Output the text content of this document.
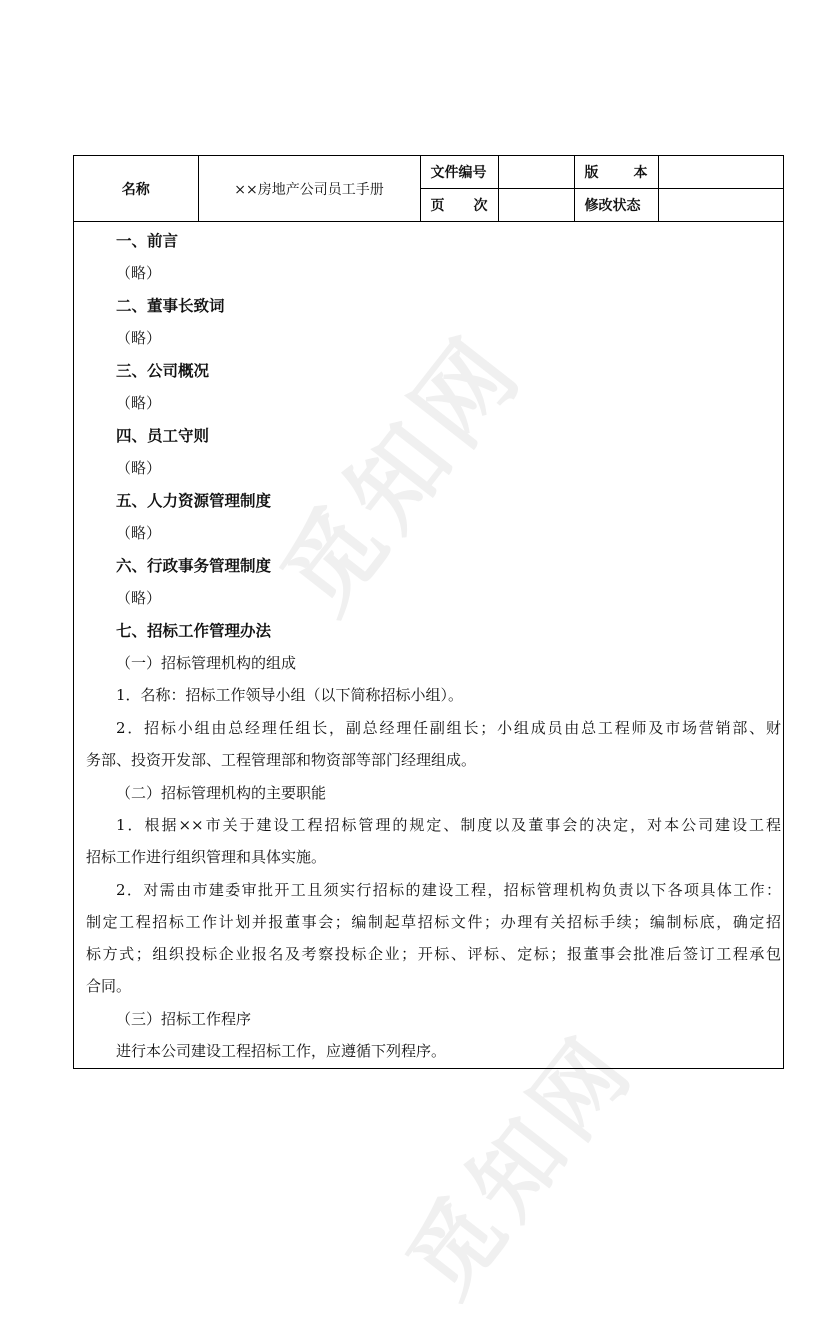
觅知网
觅知网
名称	××房地产公司员工手册	文件编号		版 本	

		页 次		修改状态	
一、前言
（略）
二、董事长致词
（略）
三、公司概况
（略）
四、员工守则
（略）
五、人力资源管理制度
（略）
六、行政事务管理制度
（略）
七、招标工作管理办法
（一）招标管理机构的组成
1．名称：招标工作领导小组（以下简称招标小组）。
2．招标小组由总经理任组长，副总经理任副组长；小组成员由总工程师及市场营销部、财
务部、投资开发部、工程管理部和物资部等部门经理组成。
（二）招标管理机构的主要职能
1．根据××市关于建设工程招标管理的规定、制度以及董事会的决定，对本公司建设工程
招标工作进行组织管理和具体实施。
2．对需由市建委审批开工且须实行招标的建设工程，招标管理机构负责以下各项具体工作：
制定工程招标工作计划并报董事会；编制起草招标文件；办理有关招标手续；编制标底，确定招
标方式；组织投标企业报名及考察投标企业；开标、评标、定标；报董事会批准后签订工程承包
合同。
（三）招标工作程序
进行本公司建设工程招标工作，应遵循下列程序。
